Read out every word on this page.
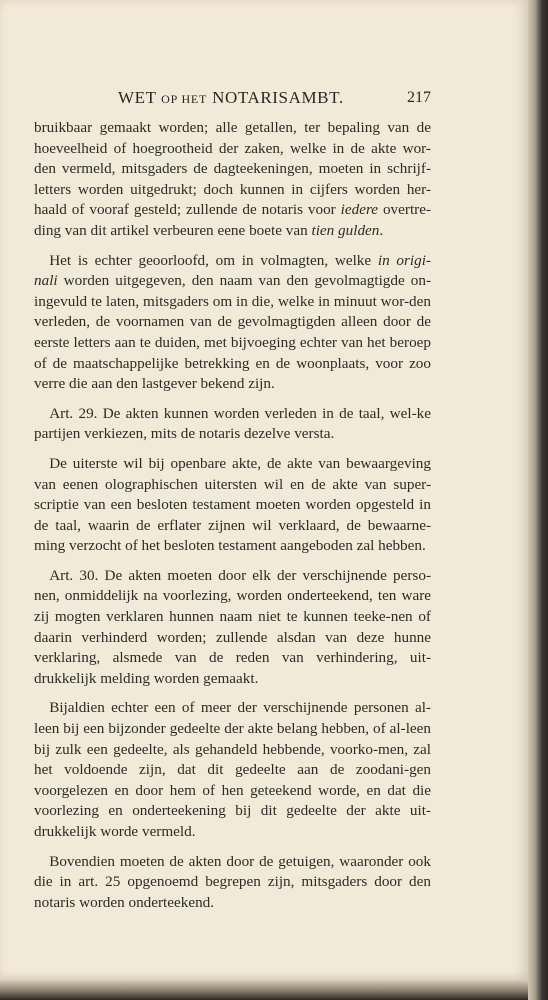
WET OP HET NOTARISAMBT.	217

bruikbaar gemaakt worden; alle getallen, ter bepaling van de hoeveelheid of hoegrootheid der zaken, welke in de akte wor- den vermeld, mitsgaders de dagteekeningen, moeten in schrijf- letters worden uitgedrukt; doch kunnen in cijfers worden her- haald of vooraf gesteld; zullende de notaris voor iedere overtre- ding van dit artikel verbeuren eene boete van tien gulden.

Het is echter geoorloofd, om in volmagten, welke in origi- nali worden uitgegeven, den naam van den gevolmagtigde on-ingevuld te laten, mitsgaders om in die, welke in minuut wor-den verleden, de voornamen van de gevolmagtigden alleen door de eerste letters aan te duiden, met bijvoeging echter van het beroep of de maatschappelijke betrekking en de woonplaats, voor zoo verre die aan den lastgever bekend zijn.

Art. 29. De akten kunnen worden verleden in de taal, wel-ke partijen verkiezen, mits de notaris dezelve versta.

De uiterste wil bij openbare akte, de akte van bewaargeving van eenen olographischen uitersten wil en de akte van super-scriptie van een besloten testament moeten worden opgesteld in de taal, waarin de erflater zijnen wil verklaard, de bewaarne-ming verzocht of het besloten testament aangeboden zal hebben.

Art. 30. De akten moeten door elk der verschijnende perso-nen, onmiddelijk na voorlezing, worden onderteekend, ten ware zij mogten verklaren hunnen naam niet te kunnen teeke-nen of daarin verhinderd worden; zullende alsdan van deze hunne verklaring, alsmede van de reden van verhindering, uit-drukkelijk melding worden gemaakt.

Bijaldien echter een of meer der verschijnende personen al-leen bij een bijzonder gedeelte der akte belang hebben, of al-leen bij zulk een gedeelte, als gehandeld hebbende, voorko-men, zal het voldoende zijn, dat dit gedeelte aan de zoodani-gen voorgelezen en door hem of hen geteekend worde, en dat die voorlezing en onderteekening bij dit gedeelte der akte uit-drukkelijk worde vermeld.

Bovendien moeten de akten door de getuigen, waaronder ook die in art. 25 opgenoemd begrepen zijn, mitsgaders door den notaris worden onderteekend.
